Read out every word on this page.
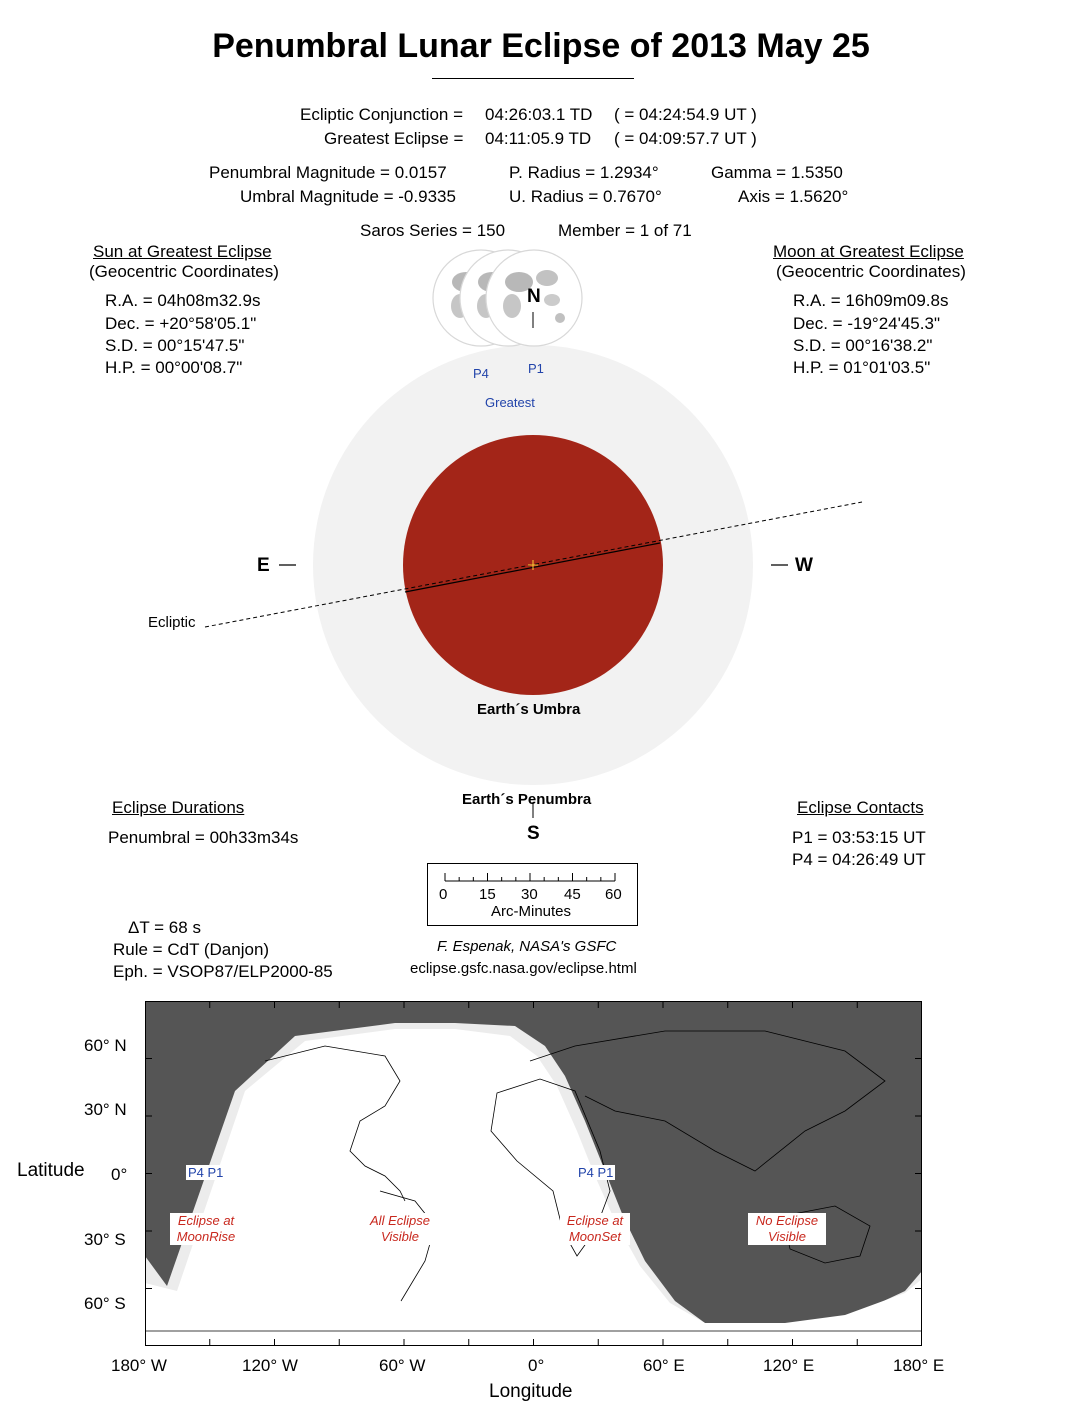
Penumbral Lunar Eclipse of 2013 May 25
Ecliptic Conjunction = 04:26:03.1 TD ( = 04:24:54.9 UT )
Greatest Eclipse = 04:11:05.9 TD ( = 04:09:57.7 UT )
Penumbral Magnitude = 0.0157
Umbral Magnitude = -0.9335
P. Radius = 1.2934°
U. Radius = 0.7670°
Gamma = 1.5350
Axis = 1.5620°
Saros Series = 150	Member = 1 of 71
Sun at Greatest Eclipse
(Geocentric Coordinates)
R.A. = 04h08m32.9s
Dec. = +20°58'05.1"
S.D. = 00°15'47.5"
H.P. = 00°00'08.7"
Moon at Greatest Eclipse
(Geocentric Coordinates)
R.A. = 16h09m09.8s
Dec. = -19°24'45.3"
S.D. = 00°16'38.2"
H.P. = 01°01'03.5"
N
S
E	W
P4	P1
Greatest
Ecliptic
Earth´s Umbra
Earth´s Penumbra
Eclipse Durations
Penumbral = 00h33m34s
Eclipse Contacts
P1 = 03:53:15 UT
P4 = 04:26:49 UT
0 15 30 45 60
Arc-Minutes
ΔT = 68 s
Rule = CdT (Danjon)
Eph. = VSOP87/ELP2000-85
F. Espenak, NASA's GSFC
eclipse.gsfc.nasa.gov/eclipse.html
P4 P1	P4 P1
Eclipse at
MoonRise
All Eclipse
Visible
Eclipse at
MoonSet
No Eclipse
Visible
60° N
30° N
0°
30° S
60° S
Latitude
180° W	120° W	60° W	0°	60° E	120° E	180° E
Longitude
